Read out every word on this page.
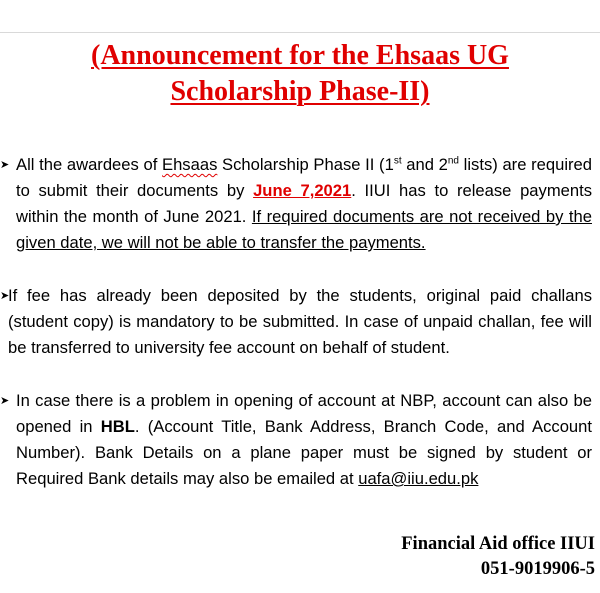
(Announcement for the Ehsaas UG
Scholarship Phase-II)
➤ All the awardees of Ehsaas Scholarship Phase II (1st and 2nd lists) are required to submit their documents by June 7,2021. IIUI has to release payments within the month of June 2021. If required documents are not received by the given date, we will not be able to transfer the payments.
➤
If fee has already been deposited by the students, original paid challans (student copy) is mandatory to be submitted. In case of unpaid challan, fee will be transferred to university fee account on behalf of student.
➤ In case there is a problem in opening of account at NBP, account can also be opened in HBL. (Account Title, Bank Address, Branch Code, and Account Number). Bank Details on a plane paper must be signed by student or Required Bank details may also be emailed at uafa@iiu.edu.pk
Financial Aid office IIUI
051-9019906-5
